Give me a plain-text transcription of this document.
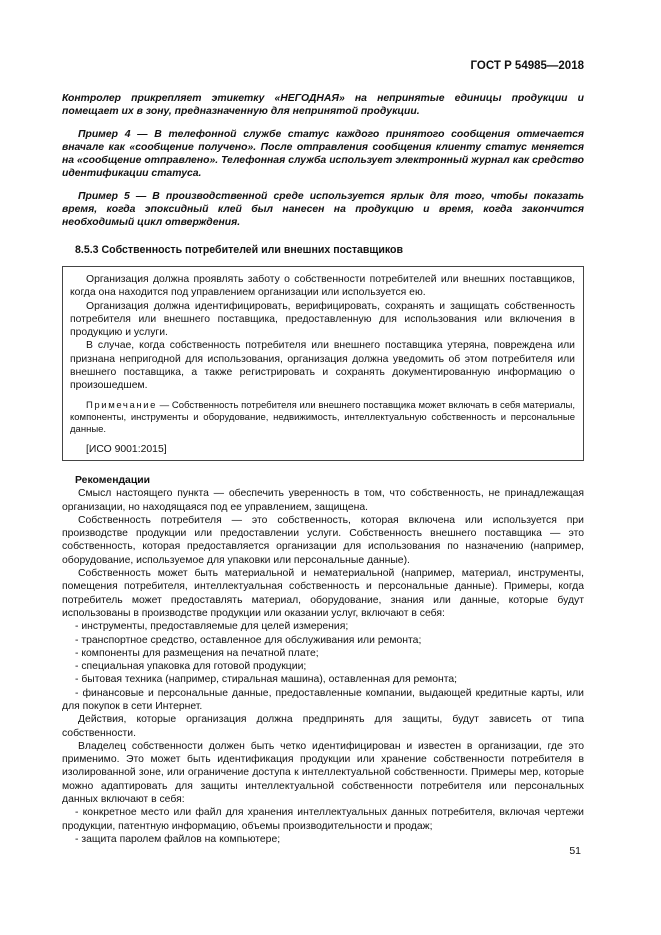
ГОСТ Р 54985—2018

Контролер прикрепляет этикетку «НЕГОДНАЯ» на непринятые единицы продукции и помещает их в зону, предназначенную для непринятой продукции.

Пример 4 — В телефонной службе статус каждого принятого сообщения отмечается вначале как «сообщение получено». После отправления сообщения клиенту статус меняется на «сообщение отправлено». Телефонная служба использует электронный журнал как средство идентификации статуса.

Пример 5 — В производственной среде используется ярлык для того, чтобы показать время, когда эпоксидный клей был нанесен на продукцию и время, когда закончится необходимый цикл отверждения.

8.5.3 Собственность потребителей или внешних поставщиков

Организация должна проявлять заботу о собственности потребителей или внешних поставщиков, когда она находится под управлением организации или используется ею.

Организация должна идентифицировать, верифицировать, сохранять и защищать собственность потребителя или внешнего поставщика, предоставленную для использования или включения в продукцию и услуги.

В случае, когда собственность потребителя или внешнего поставщика утеряна, повреждена или признана непригодной для использования, организация должна уведомить об этом потребителя или внешнего поставщика, а также регистрировать и сохранять документированную информацию о произошедшем.

Примечание — Собственность потребителя или внешнего поставщика может включать в себя материалы, компоненты, инструменты и оборудование, недвижимость, интеллектуальную собственность и персональные данные.

[ИСО 9001:2015]

Рекомендации

Смысл настоящего пункта — обеспечить уверенность в том, что собственность, не принадлежащая организации, но находящаяся под ее управлением, защищена.

Собственность потребителя — это собственность, которая включена или используется при производстве продукции или предоставлении услуги. Собственность внешнего поставщика — это собственность, которая предоставляется организации для использования по назначению (например, оборудование, используемое для упаковки или персональные данные).

Собственность может быть материальной и нематериальной (например, материал, инструменты, помещения потребителя, интеллектуальная собственность и персональные данные). Примеры, когда потребитель может предоставлять материал, оборудование, знания или данные, которые будут использованы в производстве продукции или оказании услуг, включают в себя:

- инструменты, предоставляемые для целей измерения;
- транспортное средство, оставленное для обслуживания или ремонта;
- компоненты для размещения на печатной плате;
- специальная упаковка для готовой продукции;
- бытовая техника (например, стиральная машина), оставленная для ремонта;
- финансовые и персональные данные, предоставленные компании, выдающей кредитные карты, или для покупок в сети Интернет.

Действия, которые организация должна предпринять для защиты, будут зависеть от типа собственности.

Владелец собственности должен быть четко идентифицирован и известен в организации, где это применимо. Это может быть идентификация продукции или хранение собственности потребителя в изолированной зоне, или ограничение доступа к интеллектуальной собственности. Примеры мер, которые можно адаптировать для защиты интеллектуальной собственности потребителя или персональных данных включают в себя:

- конкретное место или файл для хранения интеллектуальных данных потребителя, включая чертежи продукции, патентную информацию, объемы производительности и продаж;
- защита паролем файлов на компьютере;
51
